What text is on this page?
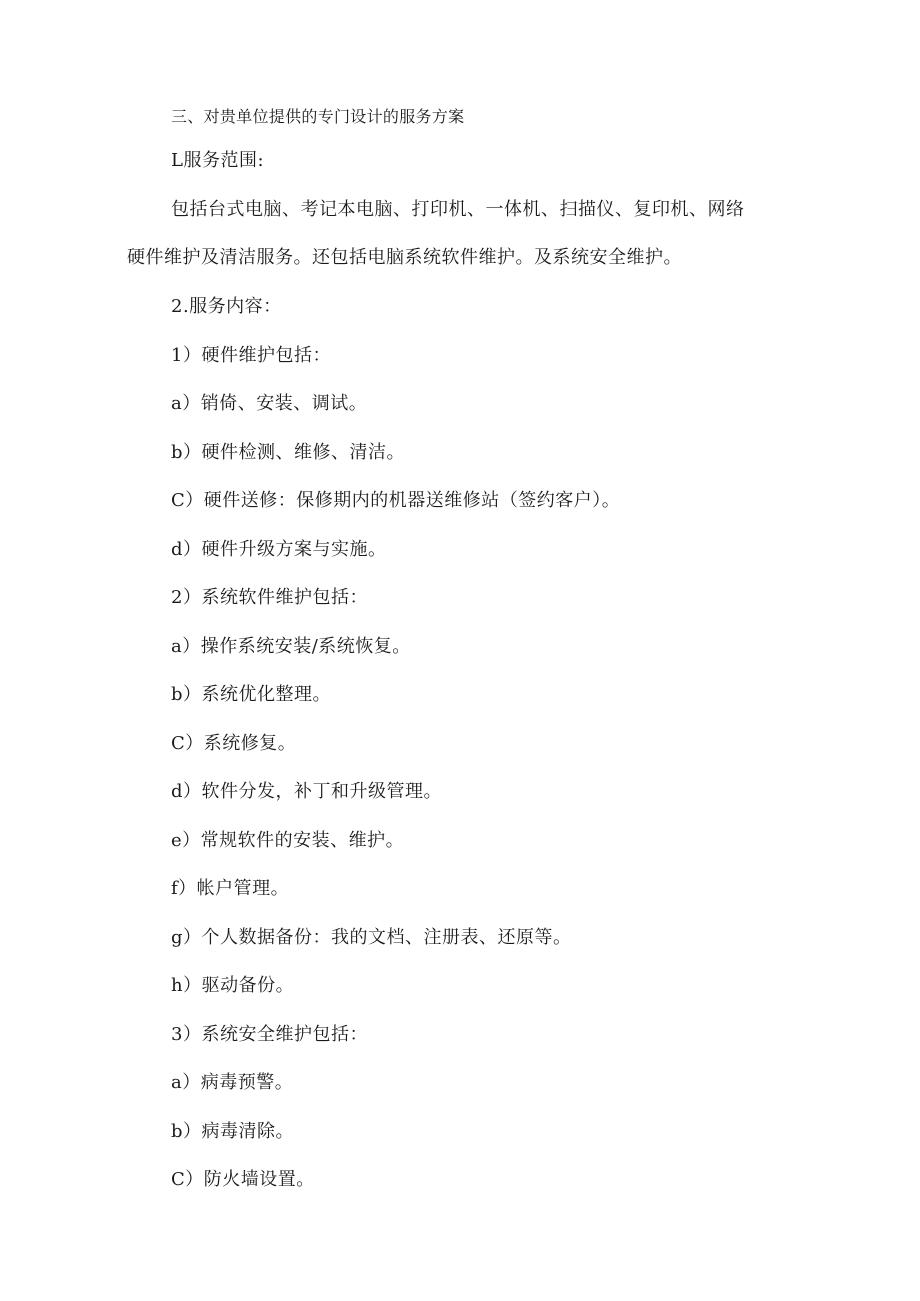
三、对贵单位提供的专门设计的服务方案
L服务范围:
包括台式电脑、考记本电脑、打印机、一体机、扫描仪、复印机、网络
硬件维护及清洁服务。还包括电脑系统软件维护。及系统安全维护。
2.服务内容：
1）硬件维护包括：
a）销倚、安装、调试。
b）硬件检测、维修、清洁。
C）硬件送修：保修期内的机器送维修站（签约客户）。
d）硬件升级方案与实施。
2）系统软件维护包括：
a）操作系统安装/系统恢复。
b）系统优化整理。
C）系统修复。
d）软件分发，补丁和升级管理。
e）常规软件的安装、维护。
f）帐户管理。
g）个人数据备份：我的文档、注册表、还原等。
h）驱动备份。
3）系统安全维护包括：
a）病毒预警。
b）病毒清除。
C）防火墙设置。
